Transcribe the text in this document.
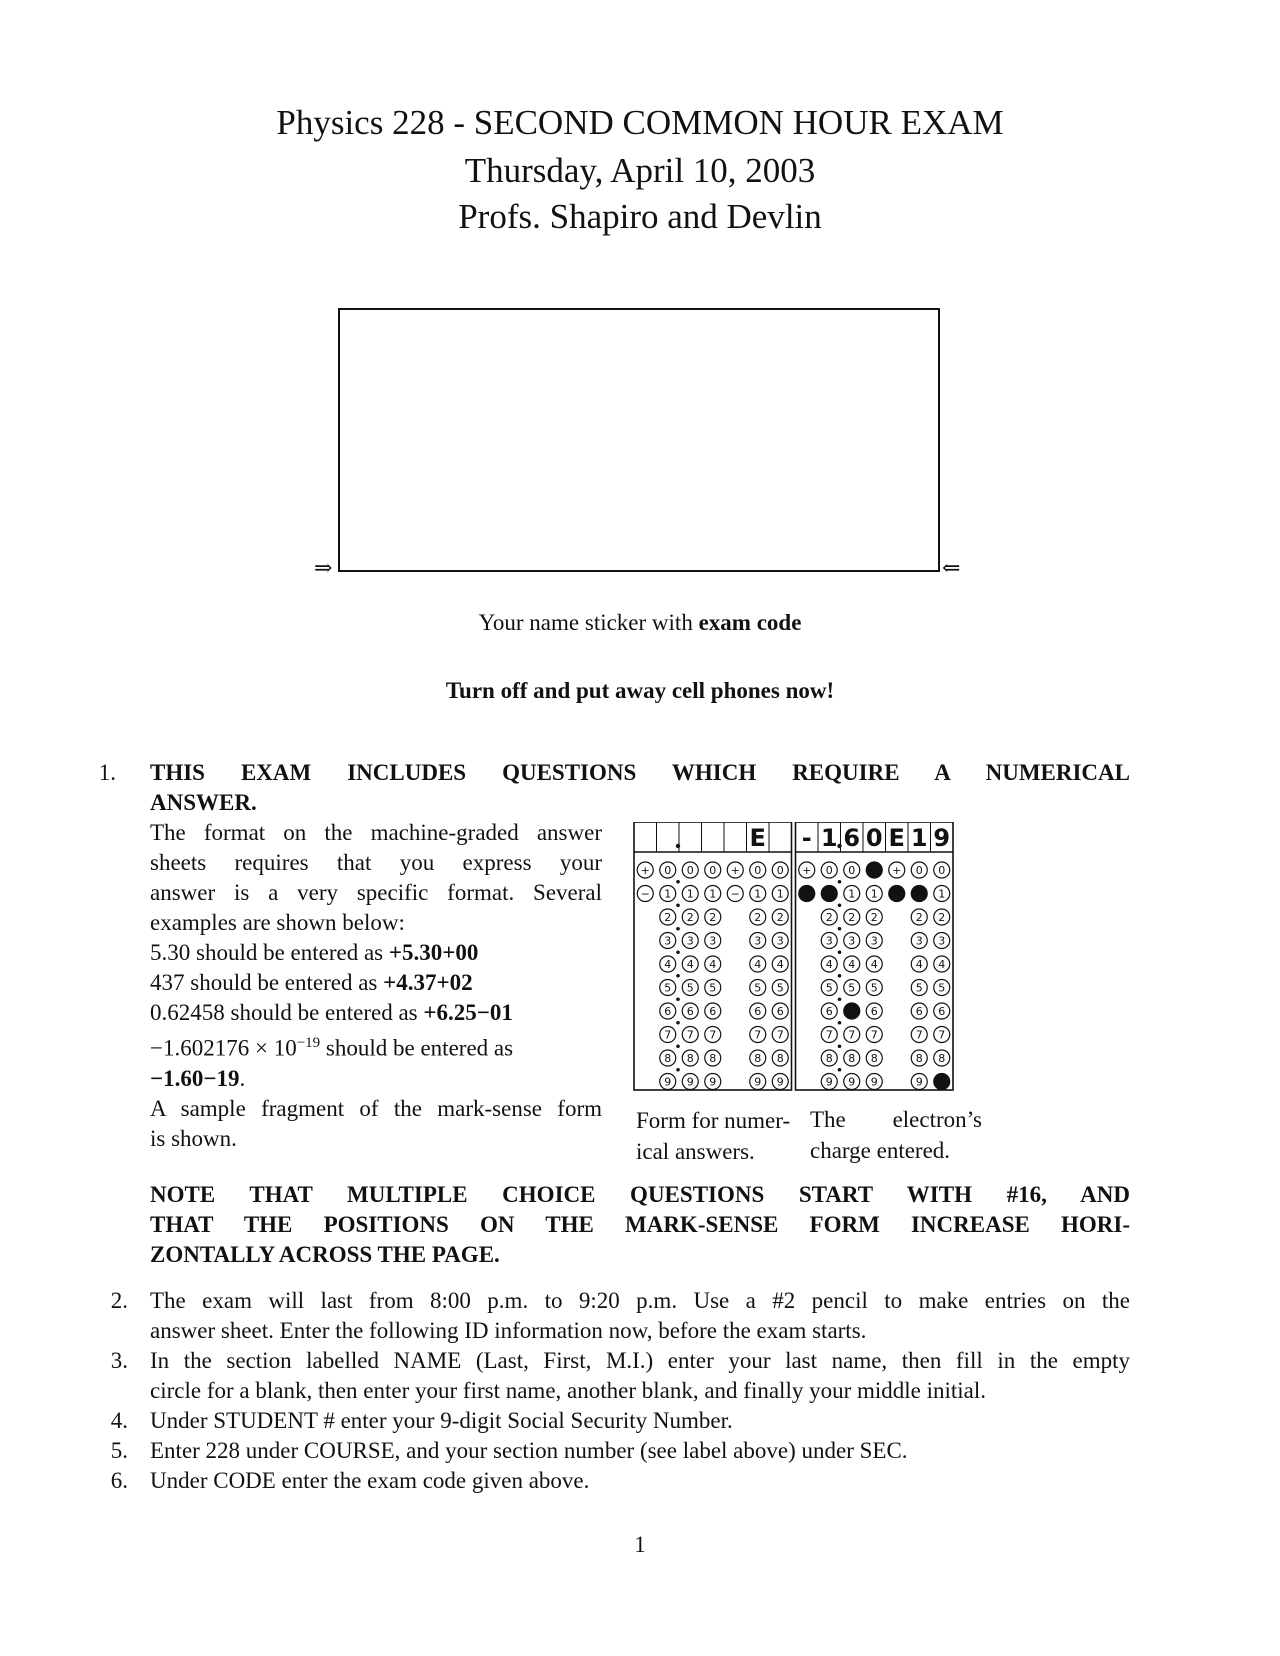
Physics 228 - SECOND COMMON HOUR EXAM
Thursday, April 10, 2003
Profs. Shapiro and Devlin
⇒	⇐
Your name sticker with exam code
Turn off and put away cell phones now!
1. THIS EXAM INCLUDES QUESTIONS WHICH REQUIRE A NUMERICAL
ANSWER.
The format on the machine-graded answer
sheets requires that you express your
answer is a very specific format. Several
examples are shown below:
5.30 should be entered as +5.30+00
437 should be entered as +4.37+02
0.62458 should be entered as +6.25−01
$-1.602176 \times 10^{-19}$ should be entered as
−1.60−19.
A sample fragment of the mark-sense form
is shown.
E
+
−
0
1
2
3
4
5
6
7
8
9
0
1
2
3
4
5
6
7
8
9
0
1
2
3
4
5
6
7
8
9
+
−
0
1
2
3
4
5
6
7
8
9
0
1
2
3
4
5
6
7
8
9
- 1 6 0 E 1 9
+ 0
2
3
4
5
6
7
8
9
0
1
2
3
4
5
7
8
9
1
2
3
4
5
6
7
8
9
+ 0
2
3
4
5
6
7
8
9
0
1
2
3
4
5
6
7
8
Form for numer-
ical answers.
The electron’s
charge entered.
NOTE THAT MULTIPLE CHOICE QUESTIONS START WITH #16, AND
THAT THE POSITIONS ON THE MARK-SENSE FORM INCREASE HORI-
ZONTALLY ACROSS THE PAGE.
2. The exam will last from 8:00 p.m. to 9:20 p.m. Use a #2 pencil to make entries on the
answer sheet. Enter the following ID information now, before the exam starts.
3. In the section labelled NAME (Last, First, M.I.) enter your last name, then fill in the empty
circle for a blank, then enter your first name, another blank, and finally your middle initial.
4. Under STUDENT # enter your 9-digit Social Security Number.
5. Enter 228 under COURSE, and your section number (see label above) under SEC.
6. Under CODE enter the exam code given above.
1
